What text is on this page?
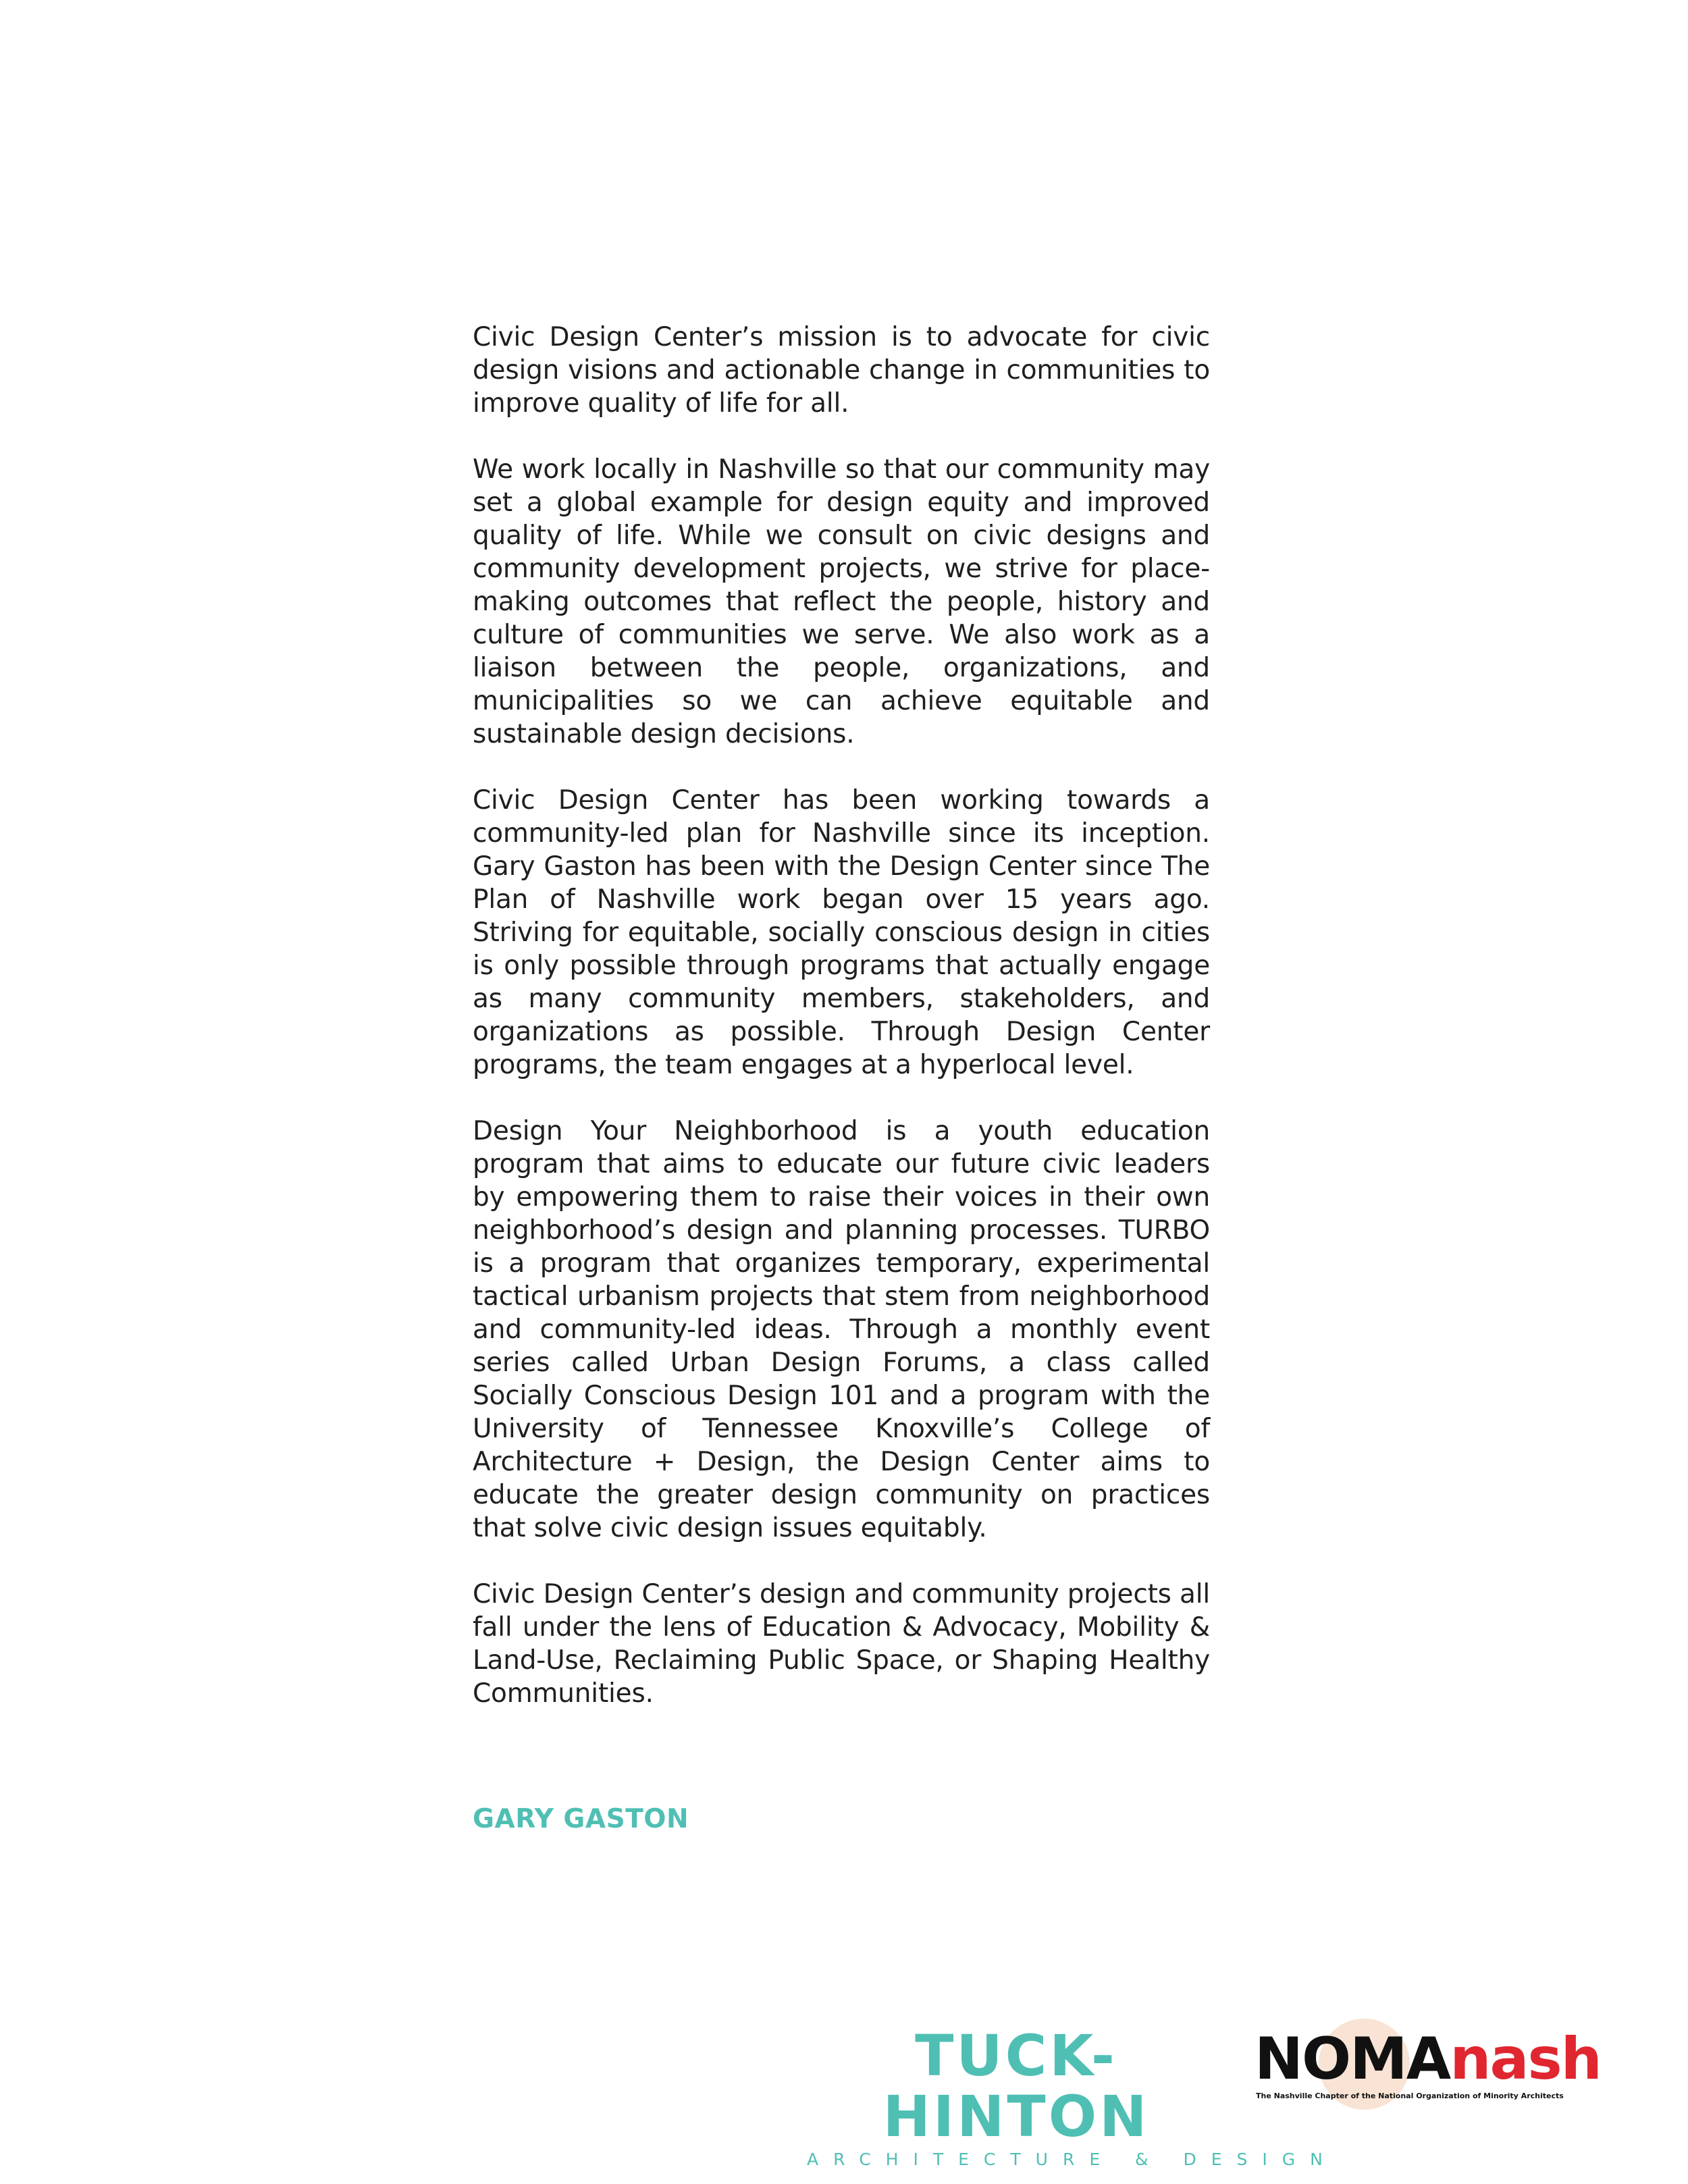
Civic Design Center’s mission is to advocate for civic design visions and actionable change in communities to improve quality of life for all.

We work locally in Nashville so that our community may set a global example for design equity and improved quality of life. While we consult on civic designs and community development projects, we strive for place-making outcomes that reflect the people, history and culture of communities we serve. We also work as a liaison between the people, organizations, and municipalities so we can achieve equitable and sustainable design decisions.

Civic Design Center has been working towards a community-led plan for Nashville since its inception. Gary Gaston has been with the Design Center since The Plan of Nashville work began over 15 years ago. Striving for equitable, socially conscious design in cities is only possible through programs that actually engage as many community members, stakeholders, and organizations as possible. Through Design Center programs, the team engages at a hyperlocal level.

Design Your Neighborhood is a youth education program that aims to educate our future civic leaders by empowering them to raise their voices in their own neighborhood’s design and planning processes. TURBO is a program that organizes temporary, experimental tactical urbanism projects that stem from neighborhood and community-led ideas. Through a monthly event series called Urban Design Forums, a class called Socially Conscious Design 101 and a program with the University of Tennessee Knoxville’s College of Architecture + Design, the Design Center aims to educate the greater design community on practices that solve civic design issues equitably.

Civic Design Center’s design and community projects all fall under the lens of Education & Advocacy, Mobility & Land-Use, Reclaiming Public Space, or Shaping Healthy Communities.

GARY GASTON
TUCK-HINTON
ARCHITECTURE & DESIGN
NOMAnash
The Nashville Chapter of the National Organization of Minority Architects
